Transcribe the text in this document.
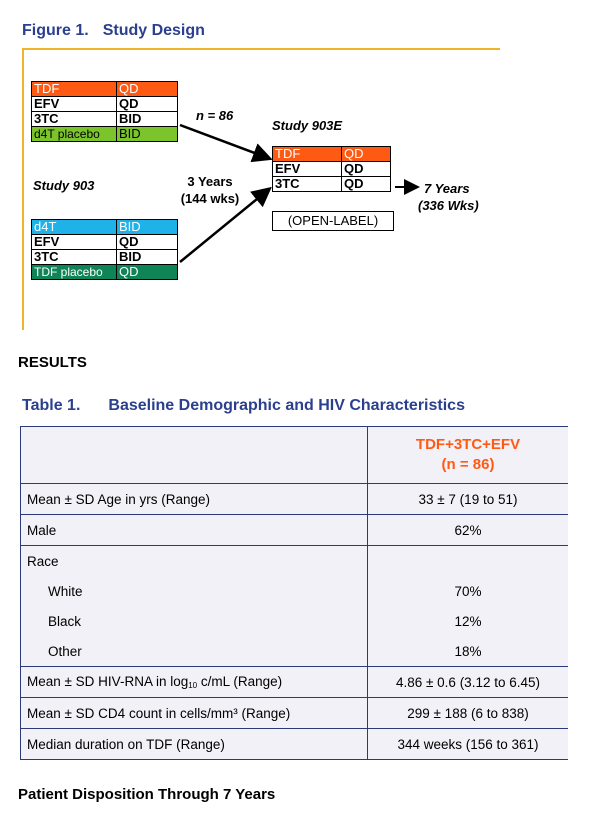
Figure 1. Study Design
TDF	QD
EFV	QD
3TC	BID
d4T placebo	BID
d4T	BID
EFV	QD
3TC	BID
TDF placebo	QD
TDF	QD
EFV	QD
3TC	QD
(OPEN-LABEL)
n = 86
Study 903E
Study 903	3 Years
(144 wks)
7 Years
(336 Wks)
RESULTS
Table 1. Baseline Demographic and HIV Characteristics

	TDF+3TC+EFV
(n = 86)

Mean ± SD Age in yrs (Range)	33 ± 7 (19 to 51)
Male	62%
Race	
White	70%
Black	12%
Other	18%
Mean ± SD HIV-RNA in $\log_{10} c/mL$ (Range)	4.86 ± 0.6 (3.12 to 6.45)
Mean ± SD CD4 count in cells/mm³ (Range)	299 ± 188 (6 to 838)
Median duration on TDF (Range)	344 weeks (156 to 361)
Patient Disposition Through 7 Years
